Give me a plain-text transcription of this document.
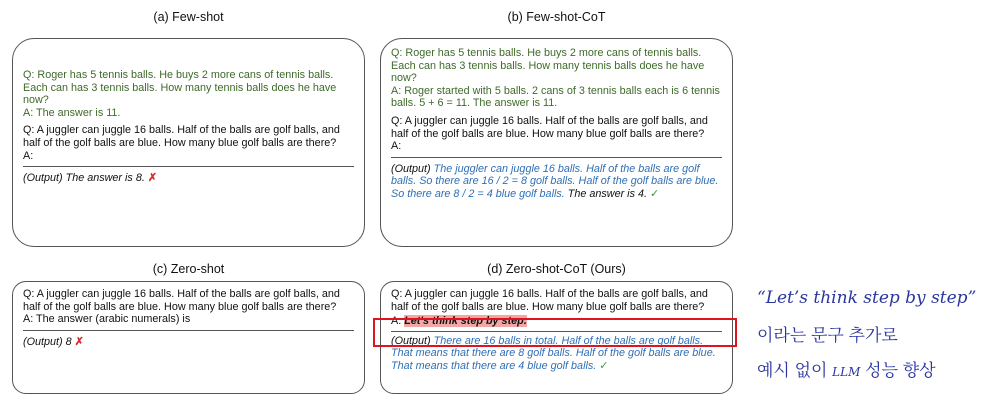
(a) Few-shot
Q: Roger has 5 tennis balls. He buys 2 more cans of tennis balls. Each can has 3 tennis balls. How many tennis balls does he have now?
A: The answer is 11.
Q: A juggler can juggle 16 balls. Half of the balls are golf balls, and half of the golf balls are blue. How many blue golf balls are there?
A:
(Output) The answer is 8. ✗
(b) Few-shot-CoT
Q: Roger has 5 tennis balls. He buys 2 more cans of tennis balls. Each can has 3 tennis balls. How many tennis balls does he have now?
A: Roger started with 5 balls. 2 cans of 3 tennis balls each is 6 tennis balls. 5 + 6 = 11. The answer is 11.
Q: A juggler can juggle 16 balls. Half of the balls are golf balls, and half of the golf balls are blue. How many blue golf balls are there?
A:
(Output) The juggler can juggle 16 balls. Half of the balls are golf balls. So there are 16 / 2 = 8 golf balls. Half of the golf balls are blue. So there are 8 / 2 = 4 blue golf balls. The answer is 4. ✓
(c) Zero-shot
Q: A juggler can juggle 16 balls. Half of the balls are golf balls, and half of the golf balls are blue. How many blue golf balls are there?
A: The answer (arabic numerals) is
(Output) 8 ✗
(d) Zero-shot-CoT (Ours)
Q: A juggler can juggle 16 balls. Half of the balls are golf balls, and half of the golf balls are blue. How many blue golf balls are there?
A: Let's think step by step.
(Output) There are 16 balls in total. Half of the balls are golf balls. That means that there are 8 golf balls. Half of the golf balls are blue. That means that there are 4 blue golf balls. ✓
“Let’s think step by step”
이라는 문구 추가로
예시 없이 LLM 성능 향상
